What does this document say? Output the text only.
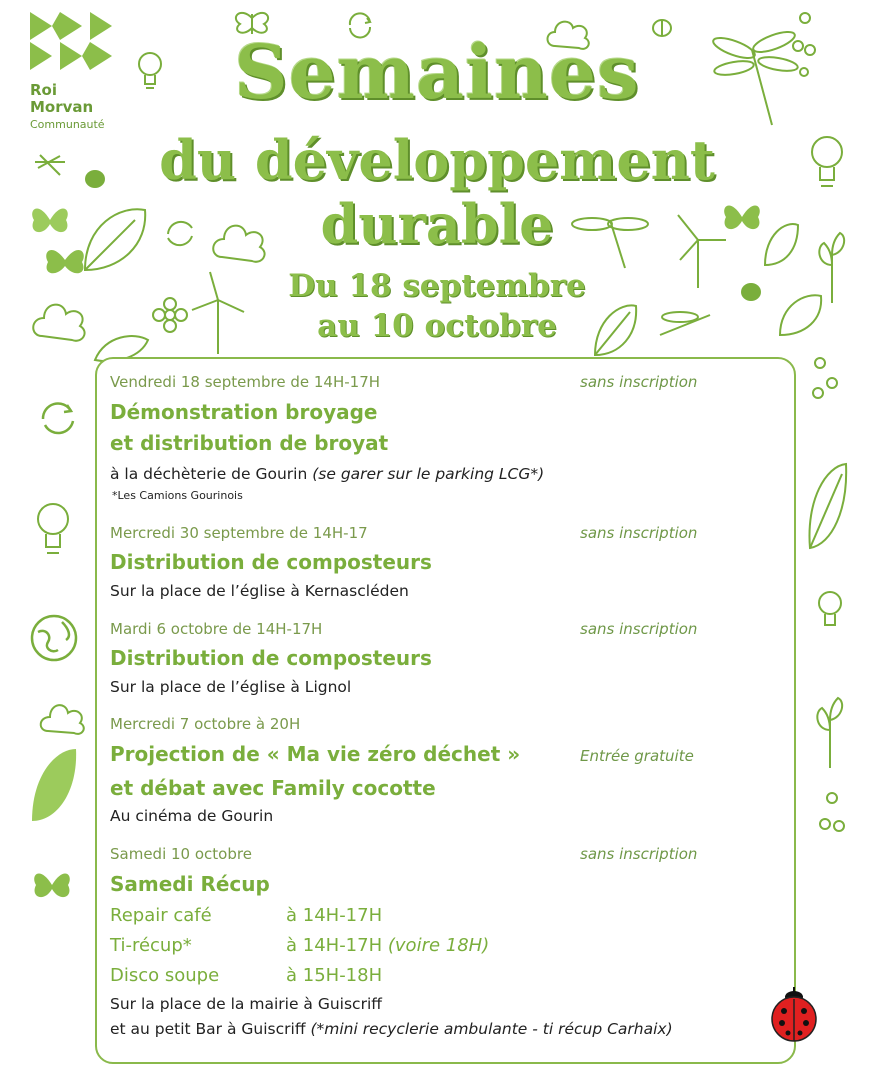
Roi
Morvan
Communauté
Semaines
du développement
durable
Du 18 septembre
au 10 octobre
Vendredi 18 septembre de 14H-17H	sans inscription
Démonstration broyage
et distribution de broyat
à la déchèterie de Gourin (se garer sur le parking LCG*)
*Les Camions Gourinois
Mercredi 30 septembre de 14H-17	sans inscription
Distribution de composteurs
Sur la place de l’église à Kernascléden
Mardi 6 octobre de 14H-17H	sans inscription
Distribution de composteurs
Sur la place de l’église à Lignol
Mercredi 7 octobre à 20H
Projection de « Ma vie zéro déchet »	Entrée gratuite
et débat avec Family cocotte
Au cinéma de Gourin
Samedi 10 octobre	sans inscription
Samedi Récup
Repair café	à 14H-17H
Ti-récup*	à 14H-17H (voire 18H)
Disco soupe	à 15H-18H
Sur la place de la mairie à Guiscriff
et au petit Bar à Guiscriff (*mini recyclerie ambulante - ti récup Carhaix)
